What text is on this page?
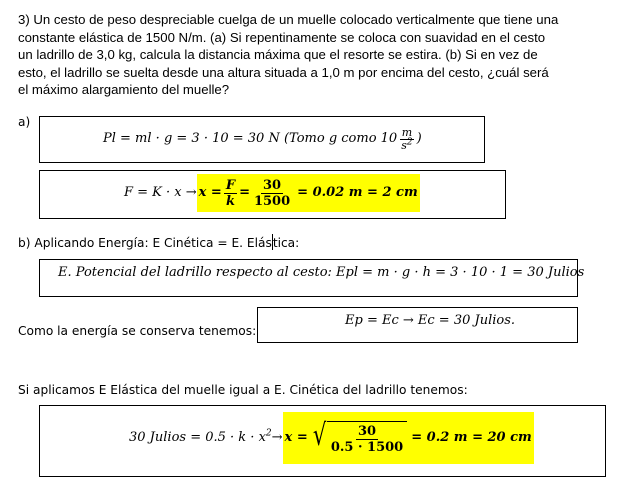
3) Un cesto de peso despreciable cuelga de un muelle colocado verticalmente que tiene una
constante elástica de 1500 N/m. (a) Si repentinamente se coloca con suavidad en el cesto
un ladrillo de 3,0 kg, calcula la distancia máxima que el resorte se estira. (b) Si en vez de
esto, el ladrillo se suelta desde una altura situada a 1,0 m por encima del cesto, ¿cuál será
el máximo alargamiento del muelle?
a)
Pl = ml · g = 3 · 10 = 30 N (Tomo g como $10 \frac{m}{s^2}$ )
$F = K \cdot x \to x = \frac{F}{k} = \frac{30}{1500} = 0.02$ m = 2 cm
b) Aplicando Energía: E Cinética = E. Elástica:
E. Potencial del ladrillo respecto al cesto: Epl = m · g · h = 3 · 10 · 1 = 30 Julios
Como la energía se conserva tenemos:
Ep = Ec → Ec = 30 Julios.
Si aplicamos E Elástica del muelle igual a E. Cinética del ladrillo tenemos:
30 Julios = $0.5 \cdot k \cdot x^2 \to x$ = √ $\frac{30}{0.5 \cdot 1500} = 0.2$ m = 20 cm
